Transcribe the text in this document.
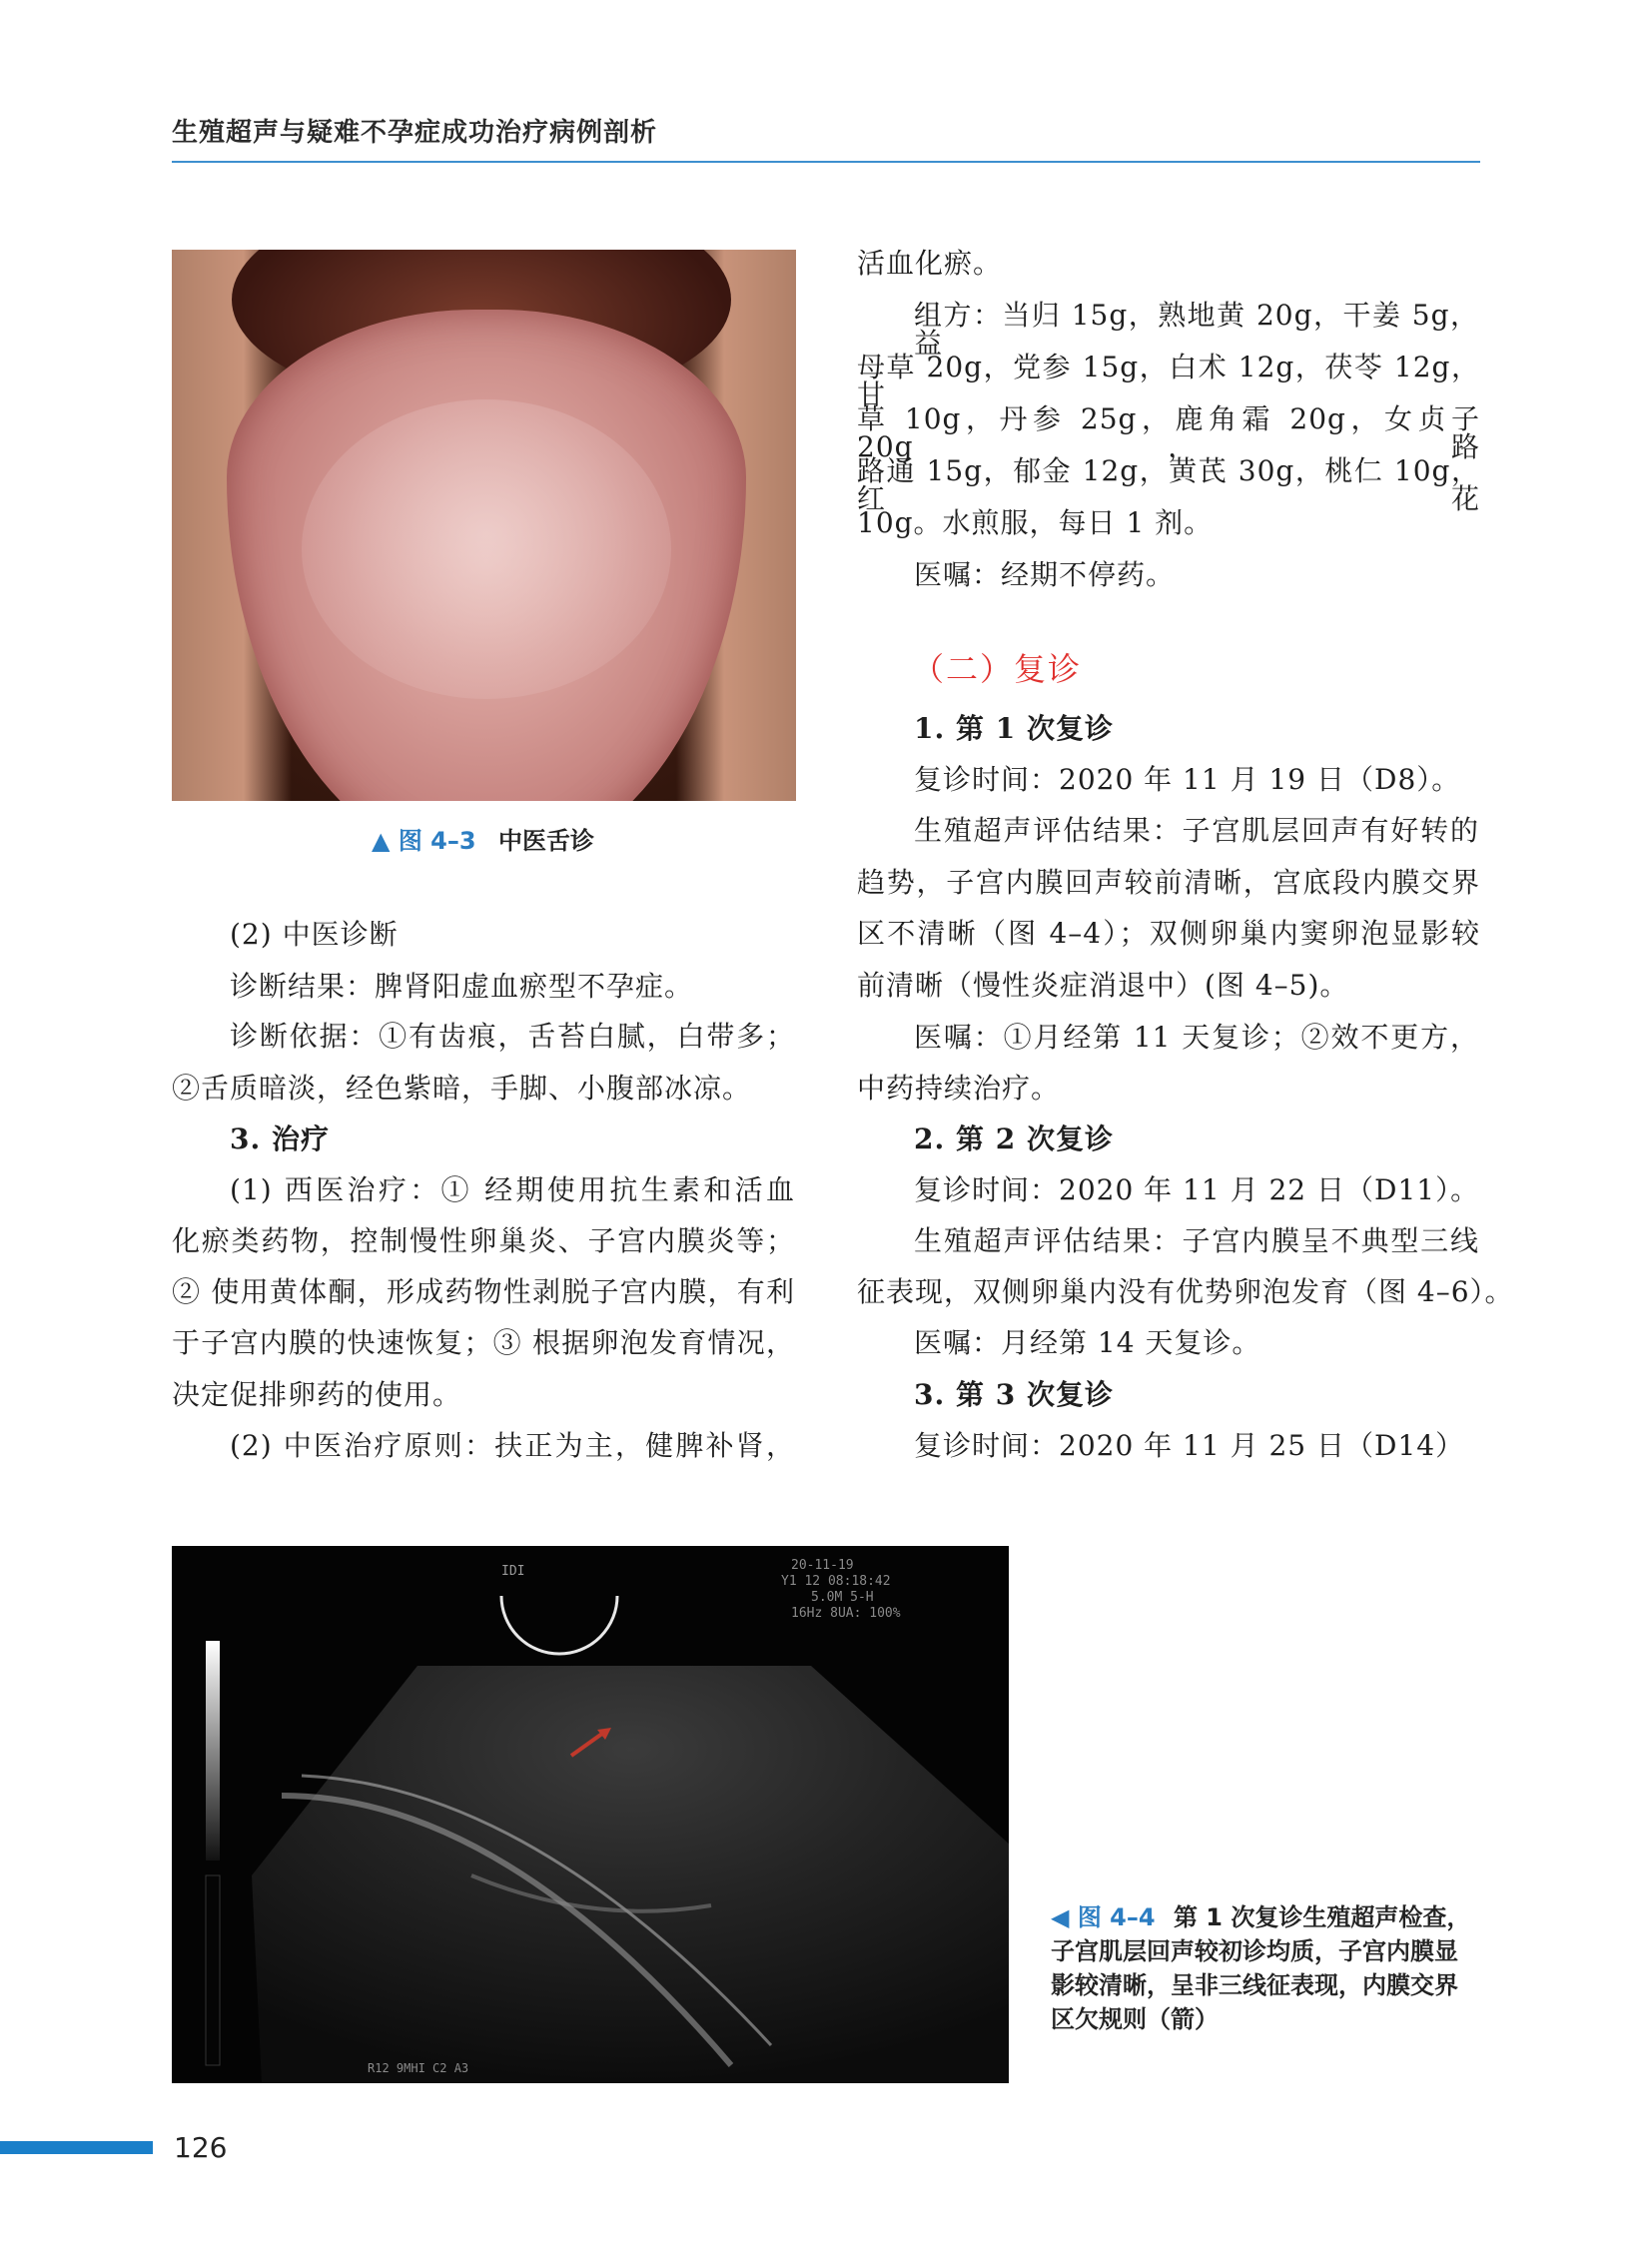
生殖超声与疑难不孕症成功治疗病例剖析
▲ 图 4–3 中医舌诊
(2) 中医诊断
诊断结果：脾肾阳虚血瘀型不孕症。
诊断依据：①有齿痕，舌苔白腻，白带多；
②舌质暗淡，经色紫暗，手脚、小腹部冰凉。
3. 治疗
(1) 西医治疗：① 经期使用抗生素和活血
化瘀类药物，控制慢性卵巢炎、子宫内膜炎等；
② 使用黄体酮，形成药物性剥脱子宫内膜，有利
于子宫内膜的快速恢复；③ 根据卵泡发育情况，
决定促排卵药的使用。
(2) 中医治疗原则：扶正为主，健脾补肾，
活血化瘀。
组方：当归 15g，熟地黄 20g，干姜 5g，益
母草 20g，党参 15g，白术 12g，茯苓 12g，甘
草 10g，丹参 25g，鹿角霜 20g，女贞子 20g，路
路通 15g，郁金 12g，黄芪 30g，桃仁 10g，红花
10g。水煎服，每日 1 剂。
医嘱：经期不停药。
（二）复诊
1. 第 1 次复诊
复诊时间：2020 年 11 月 19 日（D8）。
生殖超声评估结果：子宫肌层回声有好转的
趋势，子宫内膜回声较前清晰，宫底段内膜交界
区不清晰（图 4–4）；双侧卵巢内窦卵泡显影较
前清晰（慢性炎症消退中）(图 4–5)。
医嘱：①月经第 11 天复诊；②效不更方，
中药持续治疗。
2. 第 2 次复诊
复诊时间：2020 年 11 月 22 日（D11）。
生殖超声评估结果：子宫内膜呈不典型三线
征表现，双侧卵巢内没有优势卵泡发育（图 4–6）。
医嘱：月经第 14 天复诊。
3. 第 3 次复诊
复诊时间：2020 年 11 月 25 日（D14）
IDI	20-11-19
Y1 12 08:18:42
5.0M 5-H
16Hz 8UA: 100%
R12 9MHI C2 A3
◀ 图 4–4 第 1 次复诊生殖超声检查，子宫肌层回声较初诊均质，子宫内膜显影较清晰，呈非三线征表现，内膜交界区欠规则（箭）
126
